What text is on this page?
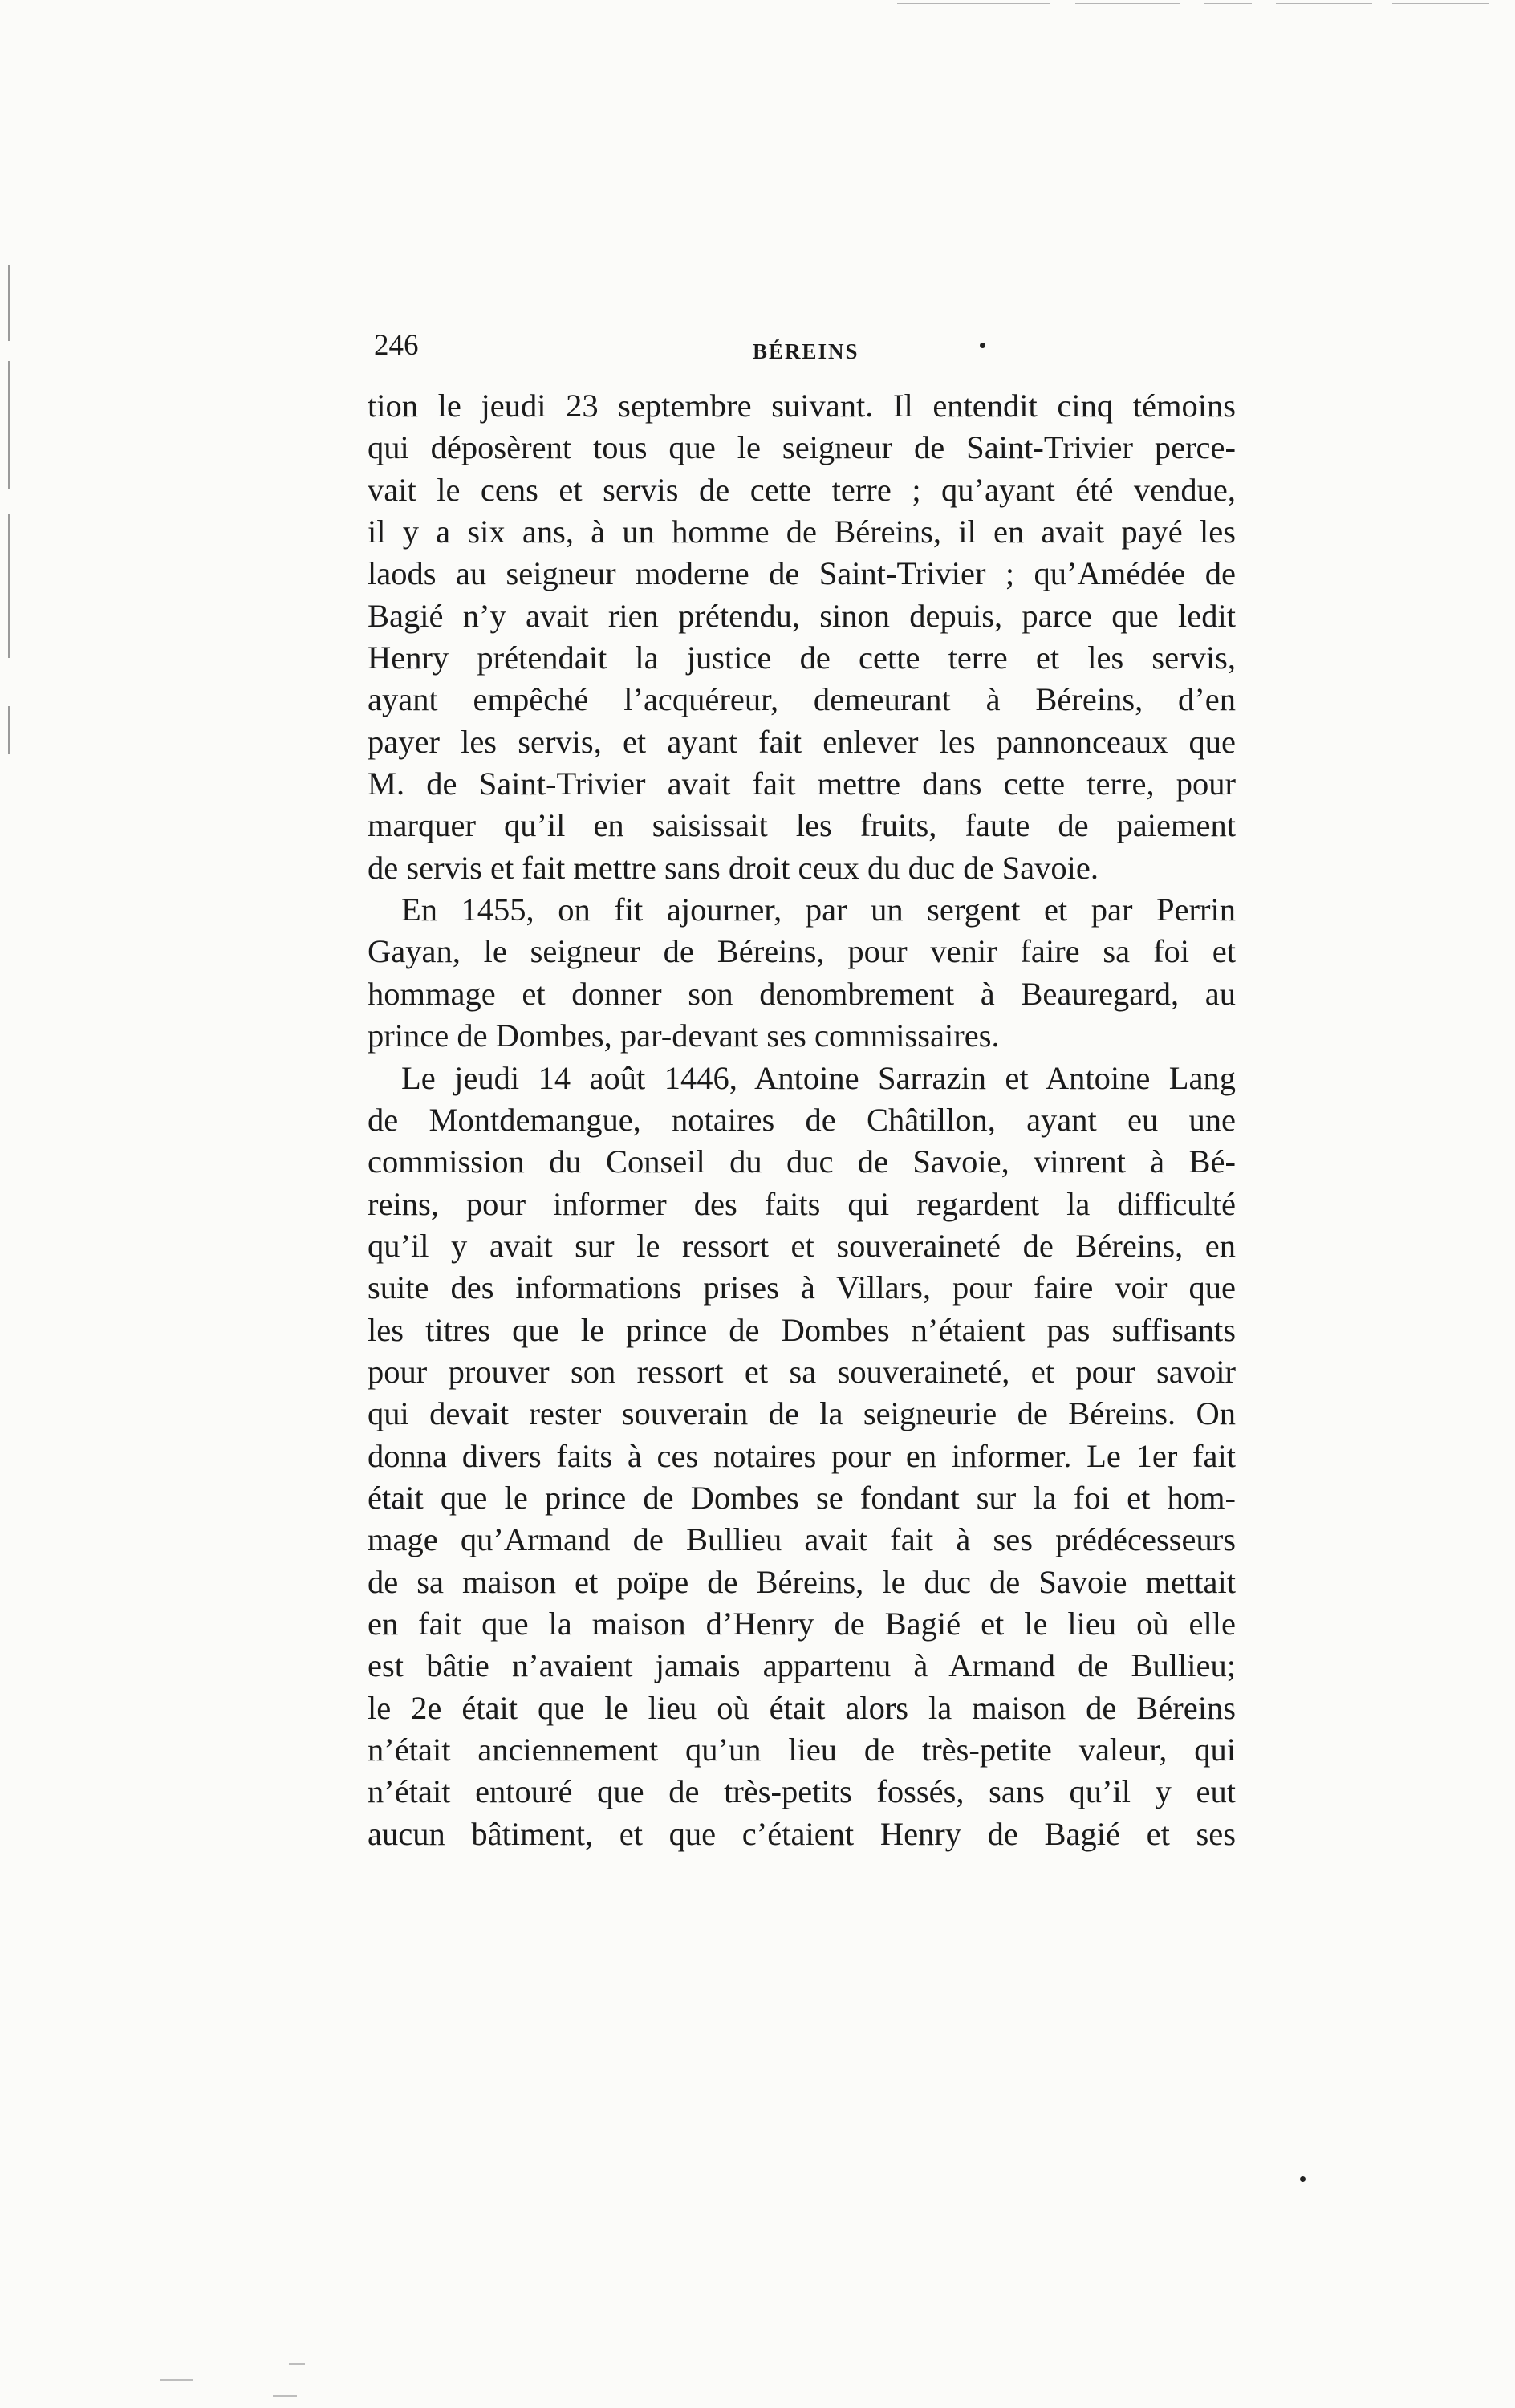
246	BÉREINS
tion le jeudi 23 septembre suivant. Il entendit cinq témoins
qui déposèrent tous que le seigneur de Saint-Trivier perce-
vait le cens et servis de cette terre ; qu’ayant été vendue,
il y a six ans, à un homme de Béreins, il en avait payé les
laods au seigneur moderne de Saint-Trivier ; qu’Amédée de
Bagié n’y avait rien prétendu, sinon depuis, parce que ledit
Henry prétendait la justice de cette terre et les servis,
ayant empêché l’acquéreur, demeurant à Béreins, d’en
payer les servis, et ayant fait enlever les pannonceaux que
M. de Saint-Trivier avait fait mettre dans cette terre, pour
marquer qu’il en saisissait les fruits, faute de paiement
de servis et fait mettre sans droit ceux du duc de Savoie.
En 1455, on fit ajourner, par un sergent et par Perrin
Gayan, le seigneur de Béreins, pour venir faire sa foi et
hommage et donner son denombrement à Beauregard, au
prince de Dombes, par-devant ses commissaires.
Le jeudi 14 août 1446, Antoine Sarrazin et Antoine Lang
de Montdemangue, notaires de Châtillon, ayant eu une
commission du Conseil du duc de Savoie, vinrent à Bé-
reins, pour informer des faits qui regardent la difficulté
qu’il y avait sur le ressort et souveraineté de Béreins, en
suite des informations prises à Villars, pour faire voir que
les titres que le prince de Dombes n’étaient pas suffisants
pour prouver son ressort et sa souveraineté, et pour savoir
qui devait rester souverain de la seigneurie de Béreins. On
donna divers faits à ces notaires pour en informer. Le 1er fait
était que le prince de Dombes se fondant sur la foi et hom-
mage qu’Armand de Bullieu avait fait à ses prédécesseurs
de sa maison et poïpe de Béreins, le duc de Savoie mettait
en fait que la maison d’Henry de Bagié et le lieu où elle
est bâtie n’avaient jamais appartenu à Armand de Bullieu;
le 2e était que le lieu où était alors la maison de Béreins
n’était anciennement qu’un lieu de très-petite valeur, qui
n’était entouré que de très-petits fossés, sans qu’il y eut
aucun bâtiment, et que c’étaient Henry de Bagié et ses
